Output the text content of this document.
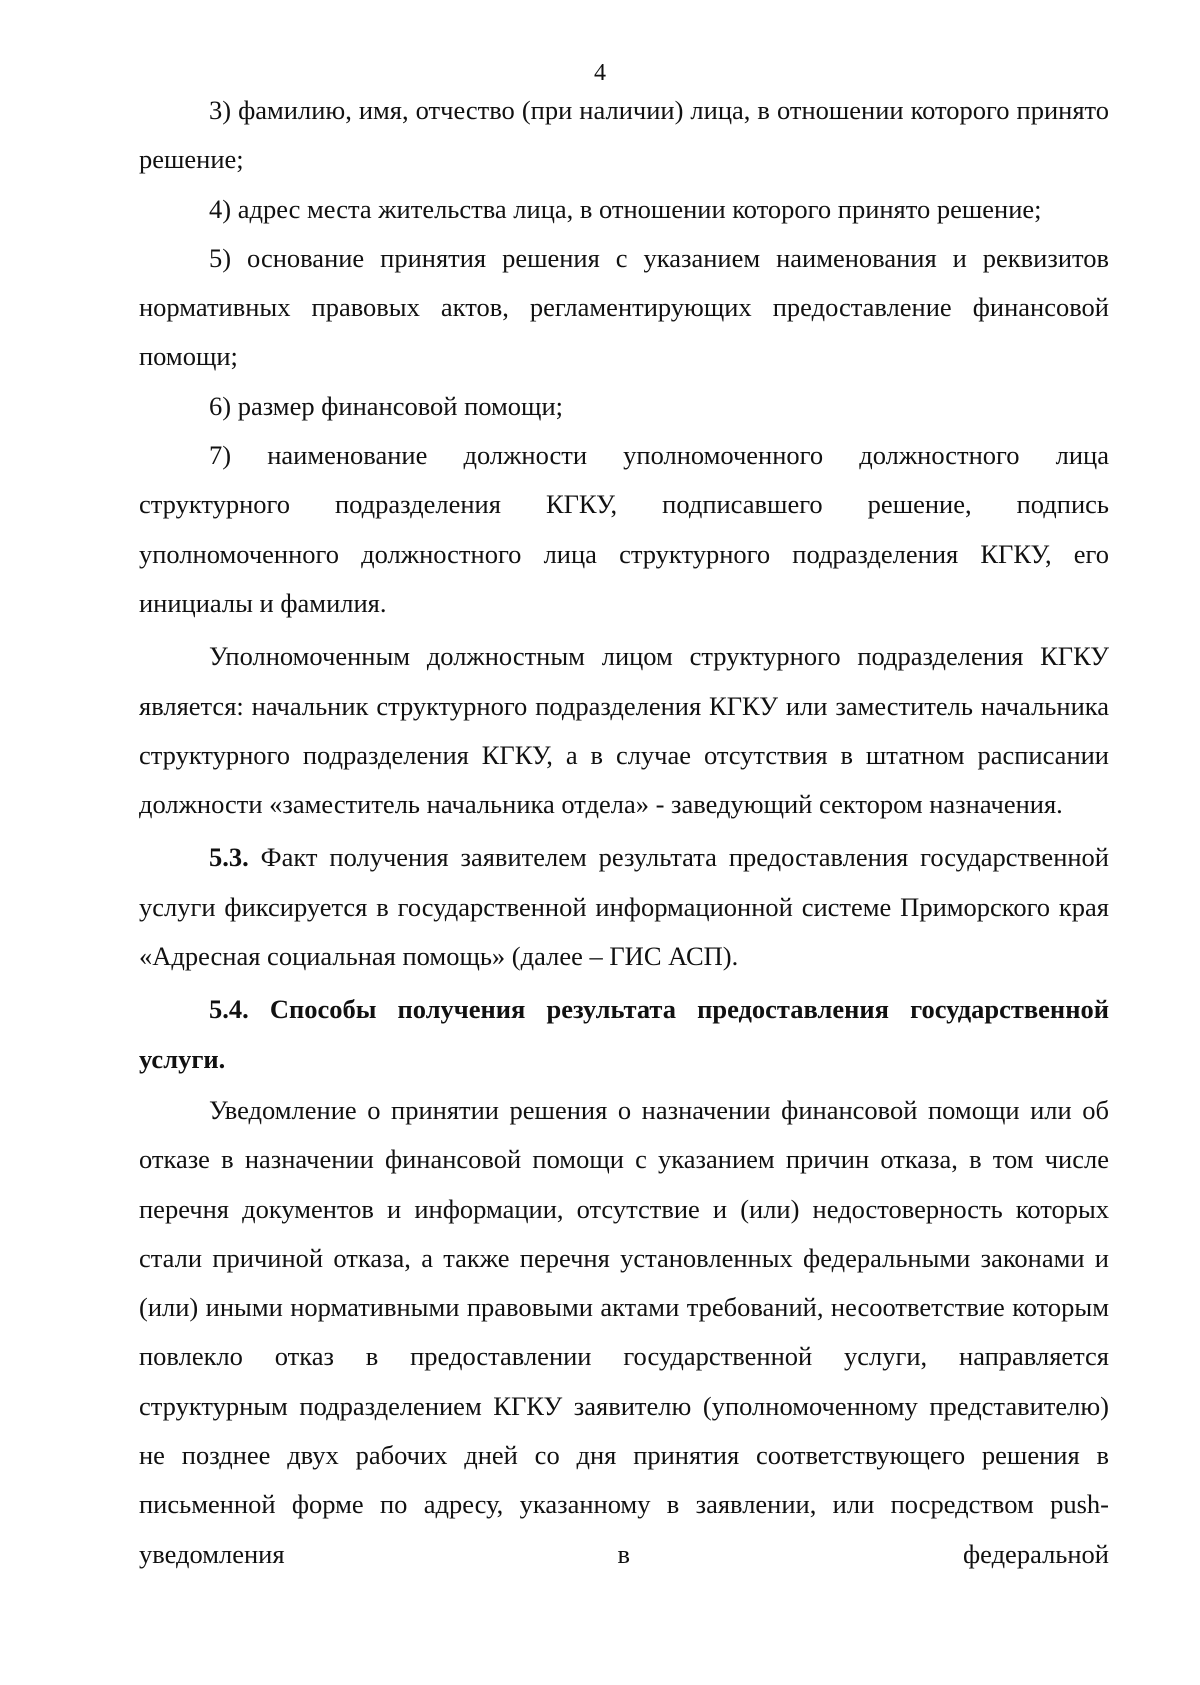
4

3) фамилию, имя, отчество (при наличии) лица, в отношении которого принято решение;

4) адрес места жительства лица, в отношении которого принято решение;

5) основание принятия решения с указанием наименования и реквизитов нормативных правовых актов, регламентирующих предоставление финансовой помощи;

6) размер финансовой помощи;

7) наименование должности уполномоченного должностного лица структурного подразделения КГКУ, подписавшего решение, подпись уполномоченного должностного лица структурного подразделения КГКУ, его инициалы и фамилия.

Уполномоченным должностным лицом структурного подразделения КГКУ является: начальник структурного подразделения КГКУ или заместитель начальника структурного подразделения КГКУ, а в случае отсутствия в штатном расписании должности «заместитель начальника отдела» - заведующий сектором назначения.

5.3. Факт получения заявителем результата предоставления государственной услуги фиксируется в государственной информационной системе Приморского края «Адресная социальная помощь» (далее – ГИС АСП).

5.4. Способы получения результата предоставления государственной услуги.

Уведомление о принятии решения о назначении финансовой помощи или об отказе в назначении финансовой помощи с указанием причин отказа, в том числе перечня документов и информации, отсутствие и (или) недостоверность которых стали причиной отказа, а также перечня установленных федеральными законами и (или) иными нормативными правовыми актами требований, несоответствие которым повлекло отказ в предоставлении государственной услуги, направляется структурным подразделением КГКУ заявителю (уполномоченному представителю) не позднее двух рабочих дней со дня принятия соответствующего решения в письменной форме по адресу, указанному в заявлении, или посредством push-уведомления в федеральной
